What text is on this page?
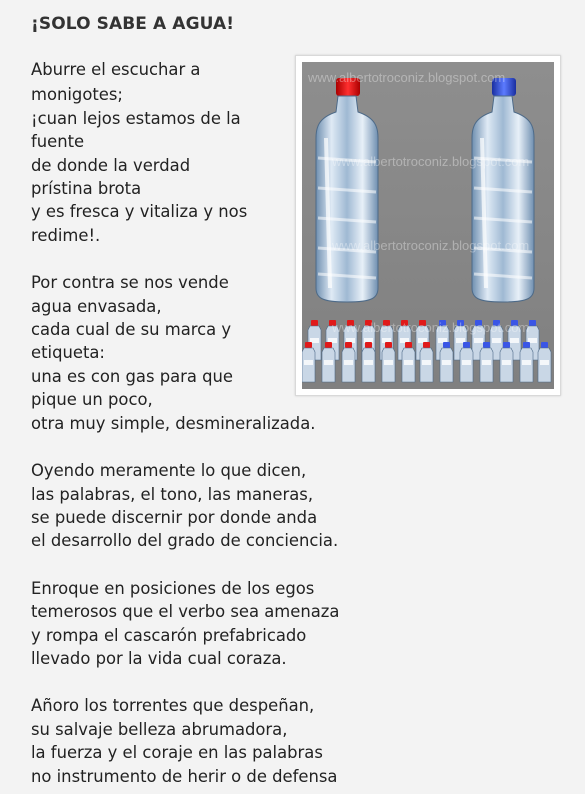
¡SOLO SABE A AGUA!
Aburre el escuchar a
monigotes;
¡cuan lejos estamos de la
fuente
de donde la verdad
prístina brota
y es fresca y vitaliza y nos
redime!.
Por contra se nos vende
agua envasada,
cada cual de su marca y
etiqueta:
una es con gas para que
pique un poco,
otra muy simple, desmineralizada.
Oyendo meramente lo que dicen,
las palabras, el tono, las maneras,
se puede discernir por donde anda
el desarrollo del grado de conciencia.
Enroque en posiciones de los egos
temerosos que el verbo sea amenaza
y rompa el cascarón prefabricado
llevado por la vida cual coraza.
Añoro los torrentes que despeñan,
su salvaje belleza abrumadora,
la fuerza y el coraje en las palabras
no instrumento de herir o de defensa
www.albertotroconiz.blogspot.com
www.albertotroconiz.blogspot.com
www.albertotroconiz.blogspot.com
www.albertotroconiz.blogspot.com
